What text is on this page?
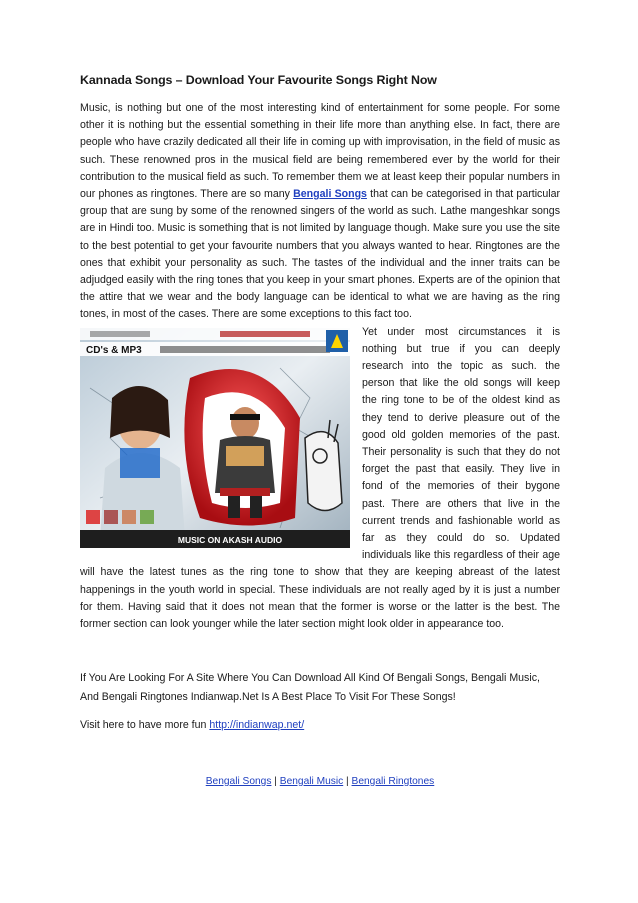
Kannada Songs – Download Your Favourite Songs Right Now

Music, is nothing but one of the most interesting kind of entertainment for some people. For some other it is nothing but the essential something in their life more than anything else. In fact, there are people who have crazily dedicated all their life in coming up with improvisation, in the field of music as such. These renowned pros in the musical field are being remembered ever by the world for their contribution to the musical field as such. To remember them we at least keep their popular numbers in our phones as ringtones. There are so many Bengali Songs that can be categorised in that particular group that are sung by some of the renowned singers of the world as such. Lathe mangeshkar songs are in Hindi too. Music is something that is not limited by language though. Make sure you use the site to the best potential to get your favourite numbers that you always wanted to hear. Ringtones are the ones that exhibit your personality as such. The tastes of the individual and the inner traits can be adjudged easily with the ring tones that you keep in your smart phones. Experts are of the opinion that the attire that we wear and the body language can be identical to what we are having as the ring tones, in most of the cases. There are some exceptions to this fact too.

CD's & MP3
MUSIC ON AKASH AUDIO

Yet under most circumstances it is nothing but true if you can deeply research into the topic as such. the person that like the old songs will keep the ring tone to be of the oldest kind as they tend to derive pleasure out of the good old golden memories of the past. Their personality is such that they do not forget the past that easily. They live in fond of the memories of their bygone past. There are others that live in the current trends and fashionable world as far as they could do so. Updated individuals like this regardless of their age will have the latest tunes as the ring tone to show that they are keeping abreast of the latest happenings in the youth world in special. These individuals are not really aged by it is just a number for them. Having said that it does not mean that the former is worse or the latter is the best. The former section can look younger while the later section might look older in appearance too.

If You Are Looking For A Site Where You Can Download All Kind Of Bengali Songs, Bengali Music, And Bengali Ringtones Indianwap.Net Is A Best Place To Visit For These Songs!

Visit here to have more fun http://indianwap.net/

Bengali Songs | Bengali Music | Bengali Ringtones
